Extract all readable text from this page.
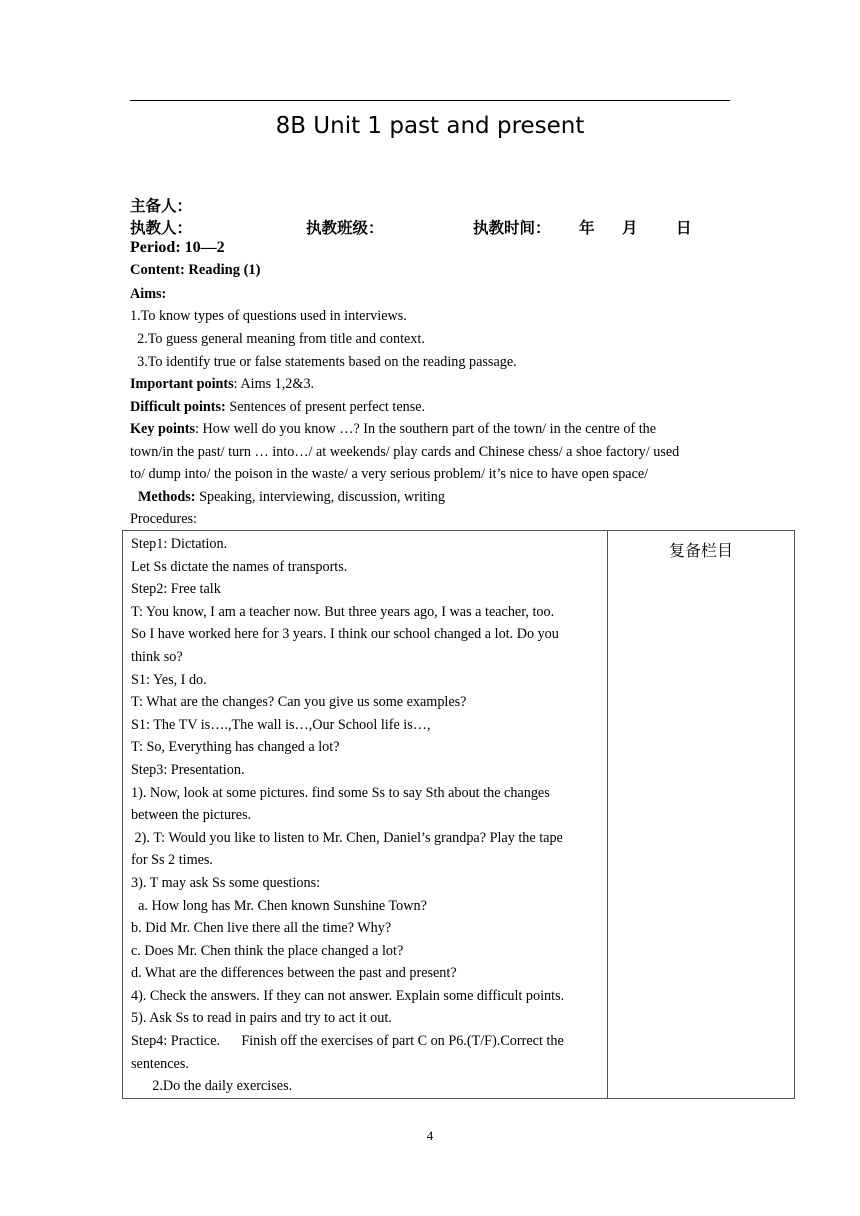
8B Unit 1 past and present
主备人：
执教人：	执教班级：	执教时间： 年 月 日
Period: 10—2
Content: Reading (1)
Aims:
1.To know types of questions used in interviews.
2.To guess general meaning from title and context.
3.To identify true or false statements based on the reading passage.
Important points: Aims 1,2&3.
Difficult points: Sentences of present perfect tense.
Key points: How well do you know …? In the southern part of the town/ in the centre of the
town/in the past/ turn … into…/ at weekends/ play cards and Chinese chess/ a shoe factory/ used
to/ dump into/ the poison in the waste/ a very serious problem/ it’s nice to have open space/
Methods: Speaking, interviewing, discussion, writing
Procedures:
Step1: Dictation.
Let Ss dictate the names of transports.
Step2: Free talk
T: You know, I am a teacher now. But three years ago, I was a teacher, too.
So I have worked here for 3 years. I think our school changed a lot. Do you
think so?
S1: Yes, I do.
T: What are the changes? Can you give us some examples?
S1: The TV is….,The wall is…,Our School life is…,
T: So, Everything has changed a lot?
Step3: Presentation.
1). Now, look at some pictures. find some Ss to say Sth about the changes
between the pictures.
2). T: Would you like to listen to Mr. Chen, Daniel’s grandpa? Play the tape
for Ss 2 times.
3). T may ask Ss some questions:
a. How long has Mr. Chen known Sunshine Town?
b. Did Mr. Chen live there all the time? Why?
c. Does Mr. Chen think the place changed a lot?
d. What are the differences between the past and present?
4). Check the answers. If they can not answer. Explain some difficult points.
5). Ask Ss to read in pairs and try to act it out.
Step4: Practice.      Finish off the exercises of part C on P6.(T/F).Correct the
sentences.
2.Do the daily exercises.

复备栏目
4
